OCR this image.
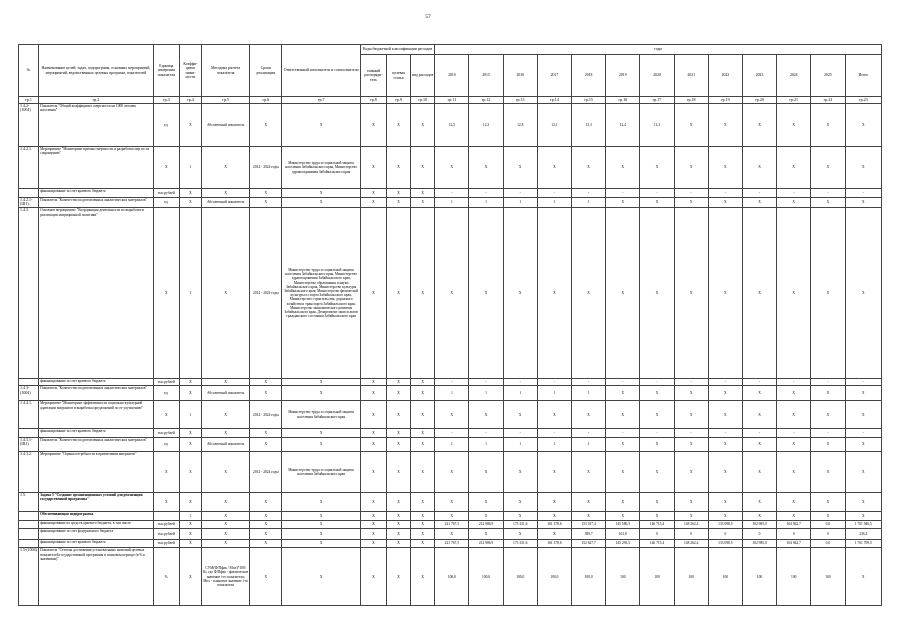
57
№	Наименование целей, задач, подпрограмм, основных мероприятий, мероприятий, ведомственных целевых программ, показателей	Единица измерения показателя	Коэффи-циент значи-мости	Методика расчета показателя	Сроки реализации	Ответственный исполнитель и соисполнители	Коды бюджетной классификации расходов			годы												
							главный распоряди-тель	целевая статья	вид расходов	2010	2015	2016	2017	2018	2019	2020	2021	2022	2023	2024	2025	Итого
гр.1	гр.2	гр.3	гр.4	гр.5	гр.6	гр.7	гр.8	гр.9	гр.10	гр.11	гр.12	гр.13	гр.14	гр.15	гр.16	гр.17	гр.18	гр.19	гр.20	гр.21	гр.22	гр.23
1.4.2-(1004)	Показатель "Общий коэффициент смертности на 1000 человек населения"	ед.	Х	Абсолютный показатель	Х	Х	Х	Х	Х	12,5	12,3	12,8	12,1	12,3	12,4	11,3	Х	Х	Х	Х	Х	Х
1.4.2.1.	Мероприятие "Мониторинг причин смертности и разработка мер по их сокращению"	Х	1	Х	2014 - 2024 годы	Министерство труда и социальной защиты населения Забайкальского края, Министерство здравоохранения Забайкальского края	Х	Х	Х	Х	Х	Х	Х	Х	Х	Х	Х	Х	Х	Х	Х	Х
	финансирование за счет краевого бюджета	тыс.рублей	Х	Х	Х	Х	Х	Х	Х	-	-	-	-	-	-	-	-	-	-	-	-	-
1.4.2.1-(Ш1)	Показатель "Количество подготовленных аналитических материалов"	ед.	Х	Абсолютный показатель	Х	Х	Х	Х	Х	1	1	1	1	1	Х	Х	Х	Х	Х	Х	Х	Х
1.4.3.	Основное мероприятие "Координация деятельности по выработке и реализации миграционной политики"	Х	1	Х	2014 - 2024 годы	Министерство труда и социальной защиты населения Забайкальского края, Министерство здравоохранения Забайкальского края, Министерство образования и науки Забайкальского края, Министерство культуры Забайкальского края, Министерство физической культуры и спорта Забайкальского края, Министерство строительства, дорожного хозяйства и транспорта Забайкальского края, Министерство экономического развития Забайкальского края, Департамент записи актов гражданского состояния Забайкальского края	Х	Х	Х	Х	Х	Х	Х	Х	Х	Х	Х	Х	Х	Х	Х	Х
	финансирование за счет краевого бюджета	тыс.рублей	Х	Х	Х	Х	Х	Х	Х	-	-	-	-	-	-	-	-	-	-	-	-	-
1.4.3-(1004)	Показатель "Количество подготовленных аналитических материалов"	ед.	Х	Абсолютный показатель	Х	Х	Х	Х	Х	1	1	1	1	1	Х	Х	Х	Х	Х	Х	Х	Х
1.4.4.1.	Мероприятие "Мониторинг эффективности социально-культурной адаптации мигрантов и выработка предложений по ее улучшению"	Х	1	Х	2014 - 2024 годы	Министерство труда и социальной защиты населения Забайкальского края	Х	Х	Х	Х	Х	Х	Х	Х	Х	Х	Х	Х	Х	Х	Х	Х
	финансирование за счет краевого бюджета	тыс.рублей	Х	Х	Х	Х	Х	Х	Х	-	-	-	-	-	-	-	-	-	-	-	-	-
1.4.3.1-(Ш1)	Показатель "Количество подготовленных аналитических материалов"	ед.	Х	Абсолютный показатель	Х	Х	Х	Х	Х	1	1	1	1	1	Х	Х	Х	Х	Х	Х	Х	Х
1.4.3.2.	Мероприятие "Оценка потребности в привлечении мигрантов"	Х	Х	Х	2014 - 2024 годы	Министерство труда и социальной защиты населения Забайкальского края	Х	Х	Х	Х	Х	Х	Х	Х	Х	Х	Х	Х	Х	Х	Х	Х
1.5.	Задача 5 "Создание организационных условий для реализации государственной программы"	Х	Х	Х	Х	Х	Х	Х	Х	Х	Х	Х	Х	Х	Х	Х	Х	Х	Х	Х	Х	Х
	Обеспечивающая подпрограмма		1	Х	Х	Х	Х	Х	Х	Х	Х	Х	Х	Х	Х	Х	Х	Х	Х	Х	Х	Х
	финансирование из средств краевого бюджета, в том числе:	тыс.рублей	Х	Х	Х	Х	Х	Х	Х	221 767,5	212 986,9	173 331,6	161 378,6	153 017,4	145 580,5	146 715,4	148 262,4	133 098,5	102 985,0	104 942,7	0,0	1 701 946,5
	финансирование за счет федерального бюджета	тыс.рублей	Х	Х	Х	Х	Х	Х	Х	Х	Х	Х	Х	389,7	161,8	0	0	0	0	0	0	236,2
	финансирование за счет краевого бюджета	тыс.рублей	Х	Х	Х	Х	Х	Х	Х	221 767,5	212 986,9	173 331,6	161 378,6	152 627,7	145 293,5	146 715,4	148 262,4	133 098,5	102 985,0	104 942,7	0,0	1 701 709,5
1.5-(1004)	Показатель "Степень достижения установленных значений целевых показателей государственной программы в плановом периоде (в % к значениям)"	%	Х	СУМ(Ф/Пфак / Мпл)*100/ Кi, где Ф/Пфак - фактическое значение i-го показателя; Мпл - плановое значение i-го показателя	Х	Х	Х	Х	Х	100,0	100,0	100,0	100,0	100,0	100	100	100	100	100	100	100	Х
